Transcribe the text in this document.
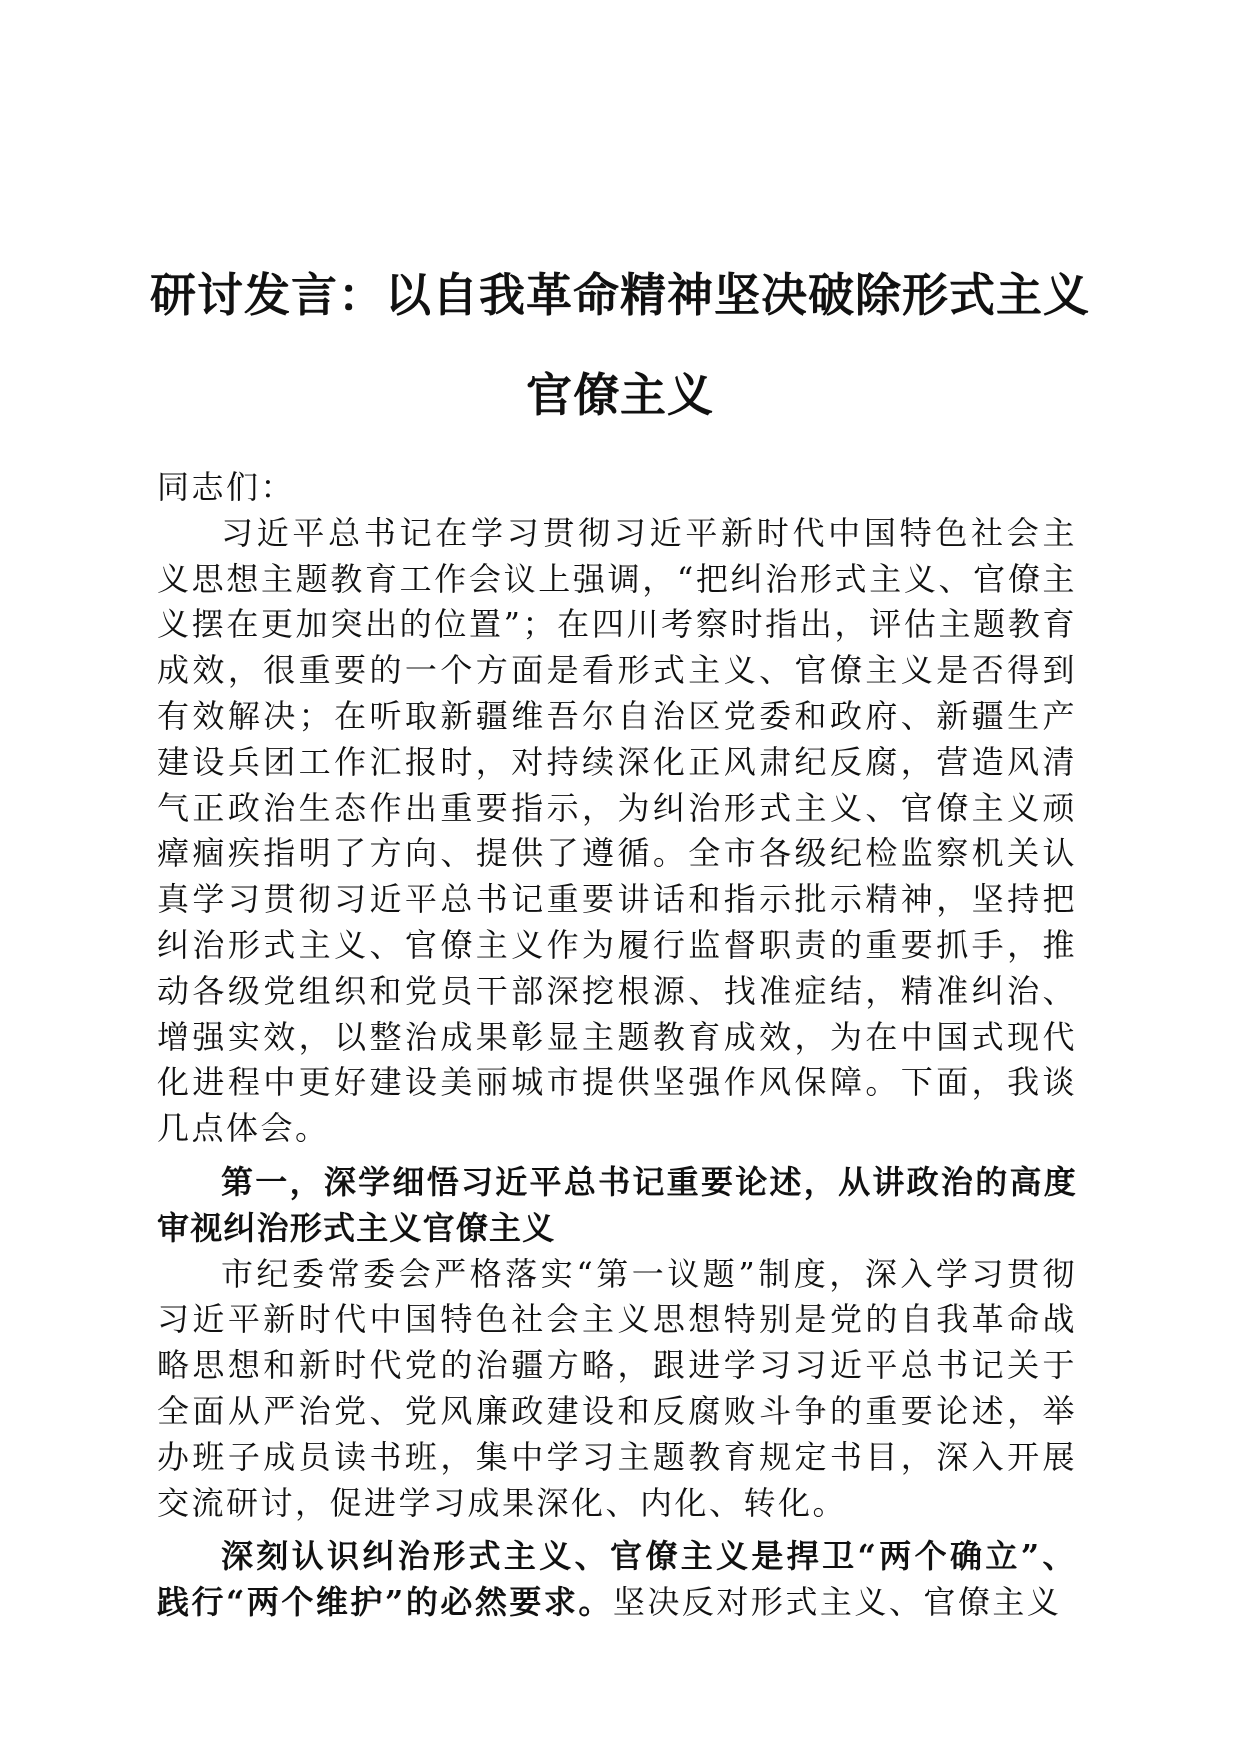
研讨发言：以自我革命精神坚决破除形式主义
官僚主义

同志们：

习近平总书记在学习贯彻习近平新时代中国特色社会主义思想主题教育工作会议上强调，“把纠治形式主义、官僚主义摆在更加突出的位置”；在四川考察时指出，评估主题教育成效，很重要的一个方面是看形式主义、官僚主义是否得到有效解决；在听取新疆维吾尔自治区党委和政府、新疆生产建设兵团工作汇报时，对持续深化正风肃纪反腐，营造风清气正政治生态作出重要指示，为纠治形式主义、官僚主义顽瘴痼疾指明了方向、提供了遵循。全市各级纪检监察机关认真学习贯彻习近平总书记重要讲话和指示批示精神，坚持把纠治形式主义、官僚主义作为履行监督职责的重要抓手，推动各级党组织和党员干部深挖根源、找准症结，精准纠治、增强实效，以整治成果彰显主题教育成效，为在中国式现代化进程中更好建设美丽城市提供坚强作风保障。下面，我谈几点体会。

第一，深学细悟习近平总书记重要论述，从讲政治的高度审视纠治形式主义官僚主义

市纪委常委会严格落实“第一议题”制度，深入学习贯彻习近平新时代中国特色社会主义思想特别是党的自我革命战略思想和新时代党的治疆方略，跟进学习习近平总书记关于全面从严治党、党风廉政建设和反腐败斗争的重要论述，举办班子成员读书班，集中学习主题教育规定书目，深入开展交流研讨，促进学习成果深化、内化、转化。

深刻认识纠治形式主义、官僚主义是捍卫“两个确立”、践行“两个维护”的必然要求。坚决反对形式主义、官僚主义
